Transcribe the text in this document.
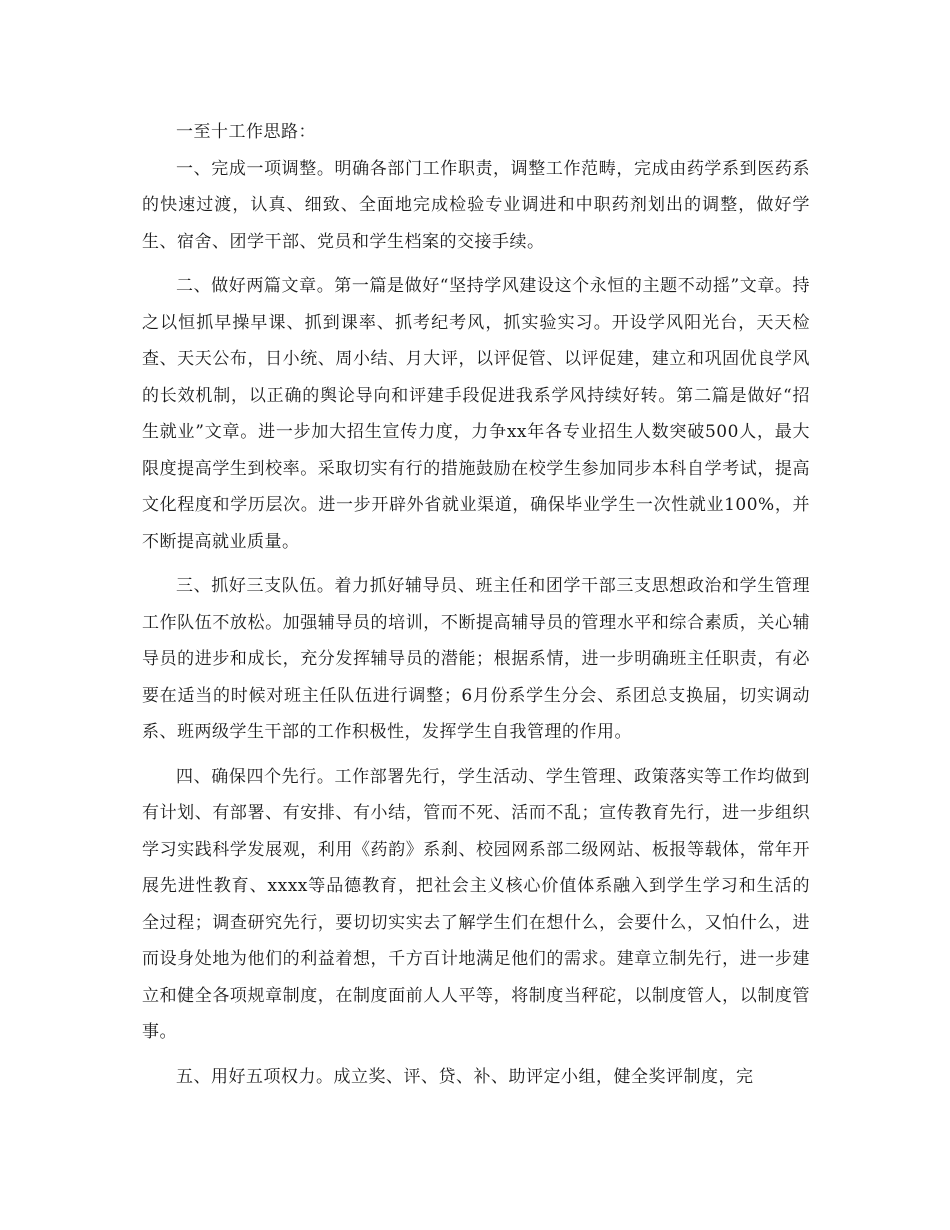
一至十工作思路：

一、完成一项调整。明确各部门工作职责，调整工作范畴，完成由药学系到医药系的快速过渡，认真、细致、全面地完成检验专业调进和中职药剂划出的调整，做好学生、宿舍、团学干部、党员和学生档案的交接手续。

二、做好两篇文章。第一篇是做好“坚持学风建设这个永恒的主题不动摇”文章。持之以恒抓早操早课、抓到课率、抓考纪考风，抓实验实习。开设学风阳光台，天天检查、天天公布，日小统、周小结、月大评，以评促管、以评促建，建立和巩固优良学风的长效机制，以正确的舆论导向和评建手段促进我系学风持续好转。第二篇是做好“招生就业”文章。进一步加大招生宣传力度，力争xx年各专业招生人数突破500人，最大限度提高学生到校率。采取切实有行的措施鼓励在校学生参加同步本科自学考试，提高文化程度和学历层次。进一步开辟外省就业渠道，确保毕业学生一次性就业100%，并不断提高就业质量。

三、抓好三支队伍。着力抓好辅导员、班主任和团学干部三支思想政治和学生管理工作队伍不放松。加强辅导员的培训，不断提高辅导员的管理水平和综合素质，关心辅导员的进步和成长，充分发挥辅导员的潜能；根据系情，进一步明确班主任职责，有必要在适当的时候对班主任队伍进行调整；6月份系学生分会、系团总支换届，切实调动系、班两级学生干部的工作积极性，发挥学生自我管理的作用。

四、确保四个先行。工作部署先行，学生活动、学生管理、政策落实等工作均做到有计划、有部署、有安排、有小结，管而不死、活而不乱；宣传教育先行，进一步组织学习实践科学发展观，利用《药韵》系刹、校园网系部二级网站、板报等载体，常年开展先进性教育、xxxx等品德教育，把社会主义核心价值体系融入到学生学习和生活的全过程；调查研究先行，要切切实实去了解学生们在想什么，会要什么，又怕什么，进而设身处地为他们的利益着想，千方百计地满足他们的需求。建章立制先行，进一步建立和健全各项规章制度，在制度面前人人平等，将制度当秤砣，以制度管人，以制度管事。

五、用好五项权力。成立奖、评、贷、补、助评定小组，健全奖评制度，完
